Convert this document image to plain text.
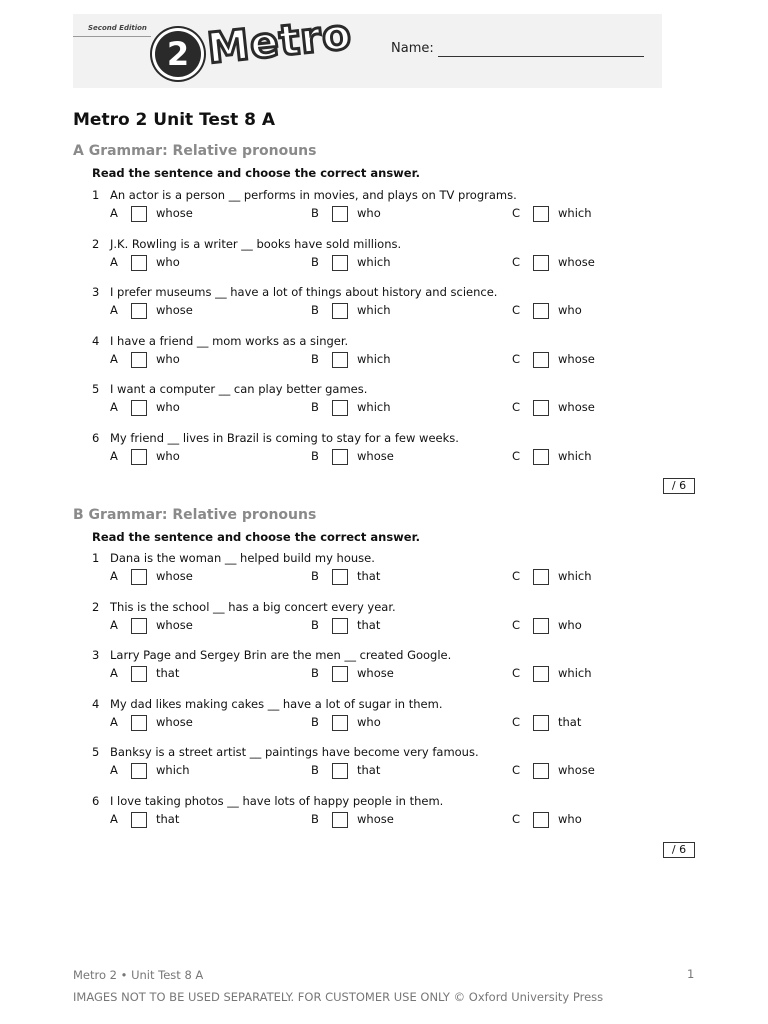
Second Edition
2 Metro	Name:
Metro 2 Unit Test 8 A
A Grammar: Relative pronouns
Read the sentence and choose the correct answer.
1 An actor is a person __ performs in movies, and plays on TV programs.
A	whose	B	who	C	which
2 J.K. Rowling is a writer __ books have sold millions.
A	who	B	which	C	whose
3 I prefer museums __ have a lot of things about history and science.
A	whose	B	which	C	who
4 I have a friend __ mom works as a singer.
A	who	B	which	C	whose
5 I want a computer __ can play better games.
A	who	B	which	C	whose
6 My friend __ lives in Brazil is coming to stay for a few weeks.
A	who	B	whose	C	which
/ 6
B Grammar: Relative pronouns
Read the sentence and choose the correct answer.
1 Dana is the woman __ helped build my house.
A	whose	B	that	C	which
2 This is the school __ has a big concert every year.
A	whose	B	that	C	who
3 Larry Page and Sergey Brin are the men __ created Google.
A	that	B	whose	C	which
4 My dad likes making cakes __ have a lot of sugar in them.
A	whose	B	who	C	that
5 Banksy is a street artist __ paintings have become very famous.
A	which	B	that	C	whose
6 I love taking photos __ have lots of happy people in them.
A	that	B	whose	C	who
/ 6
Metro 2 • Unit Test 8 A	1
IMAGES NOT TO BE USED SEPARATELY. FOR CUSTOMER USE ONLY © Oxford University Press
